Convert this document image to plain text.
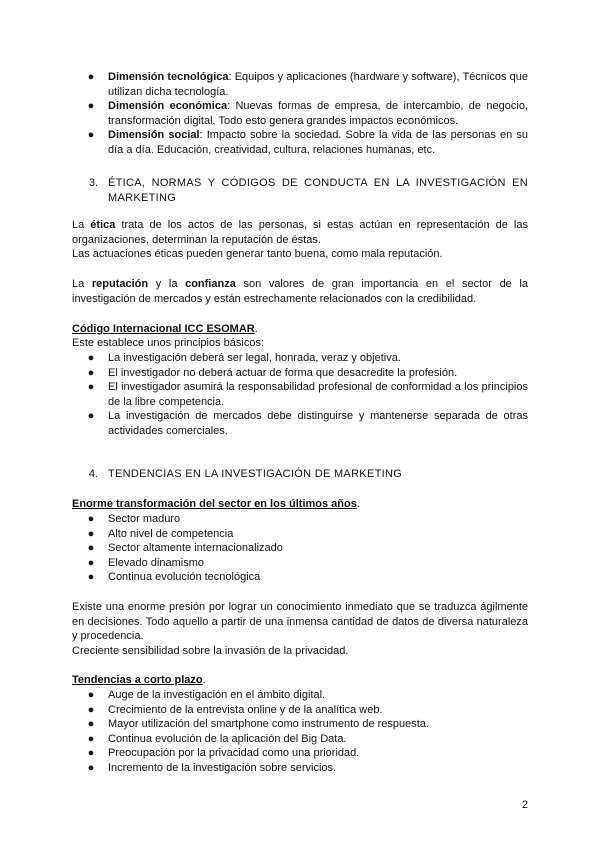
● Dimensión tecnológica: Equipos y aplicaciones (hardware y software), Técnicos que utilizan dicha tecnología.
● Dimensión económica: Nuevas formas de empresa, de intercambio, de negocio, transformación digital. Todo esto genera grandes impactos económicos.
● Dimensión social: Impacto sobre la sociedad. Sobre la vida de las personas en su día a día. Educación, creatividad, cultura, relaciones humanas, etc.
3. ÉTICA, NORMAS Y CÓDIGOS DE CONDUCTA EN LA INVESTIGACIÓN EN MARKETING

La ética trata de los actos de las personas, si estas actúan en representación de las organizaciones, determinan la reputación de éstas.
Las actuaciones éticas pueden generar tanto buena, como mala reputación.

La reputación y la confianza son valores de gran importancia en el sector de la investigación de mercados y están estrechamente relacionados con la credibilidad.

Código Internacional ICC ESOMAR.

Este establece unos principios básicos:

● La investigación deberá ser legal, honrada, veraz y objetiva.
● El investigador no deberá actuar de forma que desacredite la profesión.
● El investigador asumirá la responsabilidad profesional de conformidad a los principios de la libre competencia.
● La investigación de mercados debe distinguirse y mantenerse separada de otras actividades comerciales.
4. TENDENCIAS EN LA INVESTIGACIÓN DE MARKETING

Enorme transformación del sector en los últimos años.

● Sector maduro
● Alto nivel de competencia
● Sector altamente internacionalizado
● Elevado dinamismo
● Continua evolución tecnológica

Existe una enorme presión por lograr un conocimiento inmediato que se traduzca ágilmente en decisiones. Todo aquello a partir de una inmensa cantidad de datos de diversa naturaleza y procedencia.
Creciente sensibilidad sobre la invasión de la privacidad.

Tendencias a corto plazo.

● Auge de la investigación en el ámbito digital.
● Crecimiento de la entrevista online y de la analítica web.
● Mayor utilización del smartphone como instrumento de respuesta.
● Continua evolución de la aplicación del Big Data.
● Preocupación por la privacidad como una prioridad.
● Incremento de la investigación sobre servicios.
2
